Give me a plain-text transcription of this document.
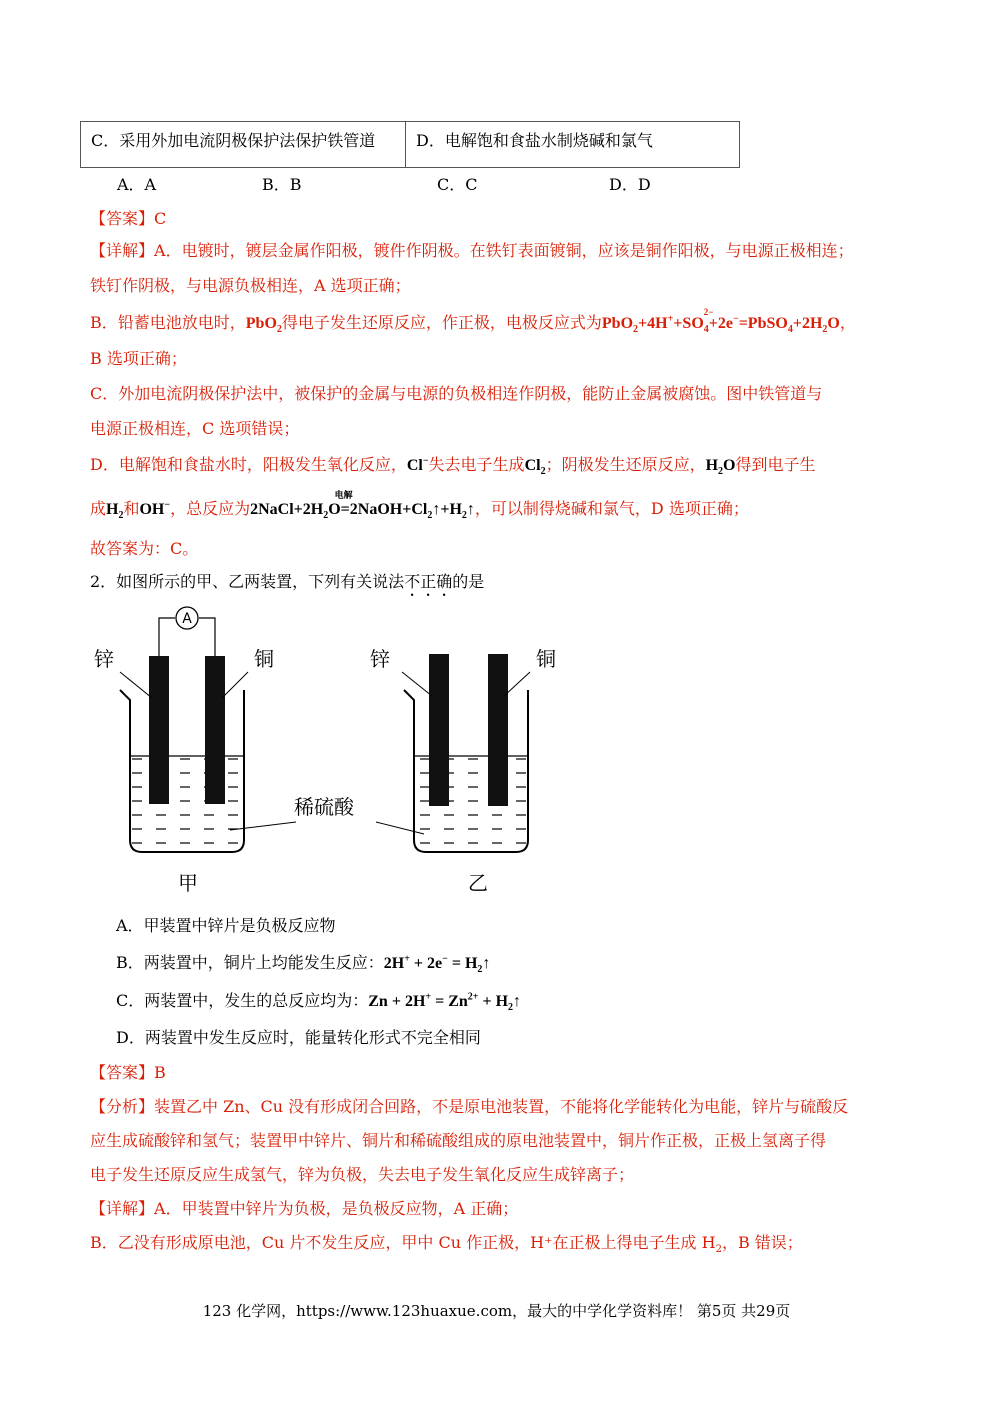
C．采用外加电流阴极保护法保护铁管道	D．电解饱和食盐水制烧碱和氯气
A．A	B．B	C．C	D．D
【答案】C
【详解】A．电镀时，镀层金属作阳极，镀件作阴极。在铁钉表面镀铜，应该是铜作阳极，与电源正极相连；
铁钉作阴极，与电源负极相连，A 选项正确；
B．铅蓄电池放电时，PbO$_2$得电子发生还原反应，作正极，电极反应式为PbO$_2$+4H++SO
$_{2- 4}+2e^-=PbSO_4+2H_2O$，
B 选项正确；
C．外加电流阴极保护法中，被保护的金属与电源的负极相连作阴极，能防止金属被腐蚀。图中铁管道与
电源正极相连，C 选项错误；
D．电解饱和食盐水时，阳极发生氧化反应，Cl−失去电子生成$Cl_2$；阴极发生还原反应，$H_2O$得到电子生
成$H_2$和OH−，总反应为$2NaCl+2H_2O=$
电解
$2NaOH+Cl_2↑+H_2↑$，可以制得烧碱和氯气，D 选项正确；
故答案为：C。
2．如图所示的甲、乙两装置，下列有关说法不正确的是
A
锌	铜
甲
稀硫酸
锌	铜
乙
A．甲装置中锌片是负极反应物
B．两装置中，铜片上均能发生反应：$2H^+ + 2e^- = H_2↑$
C．两装置中，发生的总反应均为：$Zn + 2H^+ = Zn^{2+}$ + $H_2↑$
D．两装置中发生反应时，能量转化形式不完全相同
【答案】B
【分析】装置乙中 Zn、Cu 没有形成闭合回路，不是原电池装置，不能将化学能转化为电能，锌片与硫酸反
应生成硫酸锌和氢气；装置甲中锌片、铜片和稀硫酸组成的原电池装置中，铜片作正极，正极上氢离子得
电子发生还原反应生成氢气，锌为负极，失去电子发生氧化反应生成锌离子；
【详解】A．甲装置中锌片为负极，是负极反应物，A 正确；
B．乙没有形成原电池，Cu 片不发生反应，甲中 Cu 作正极，H⁺在正极上得电子生成 $H_2$，B 错误；
123 化学网，https://www.123huaxue.com，最大的中学化学资料库！ 第5页 共29页
